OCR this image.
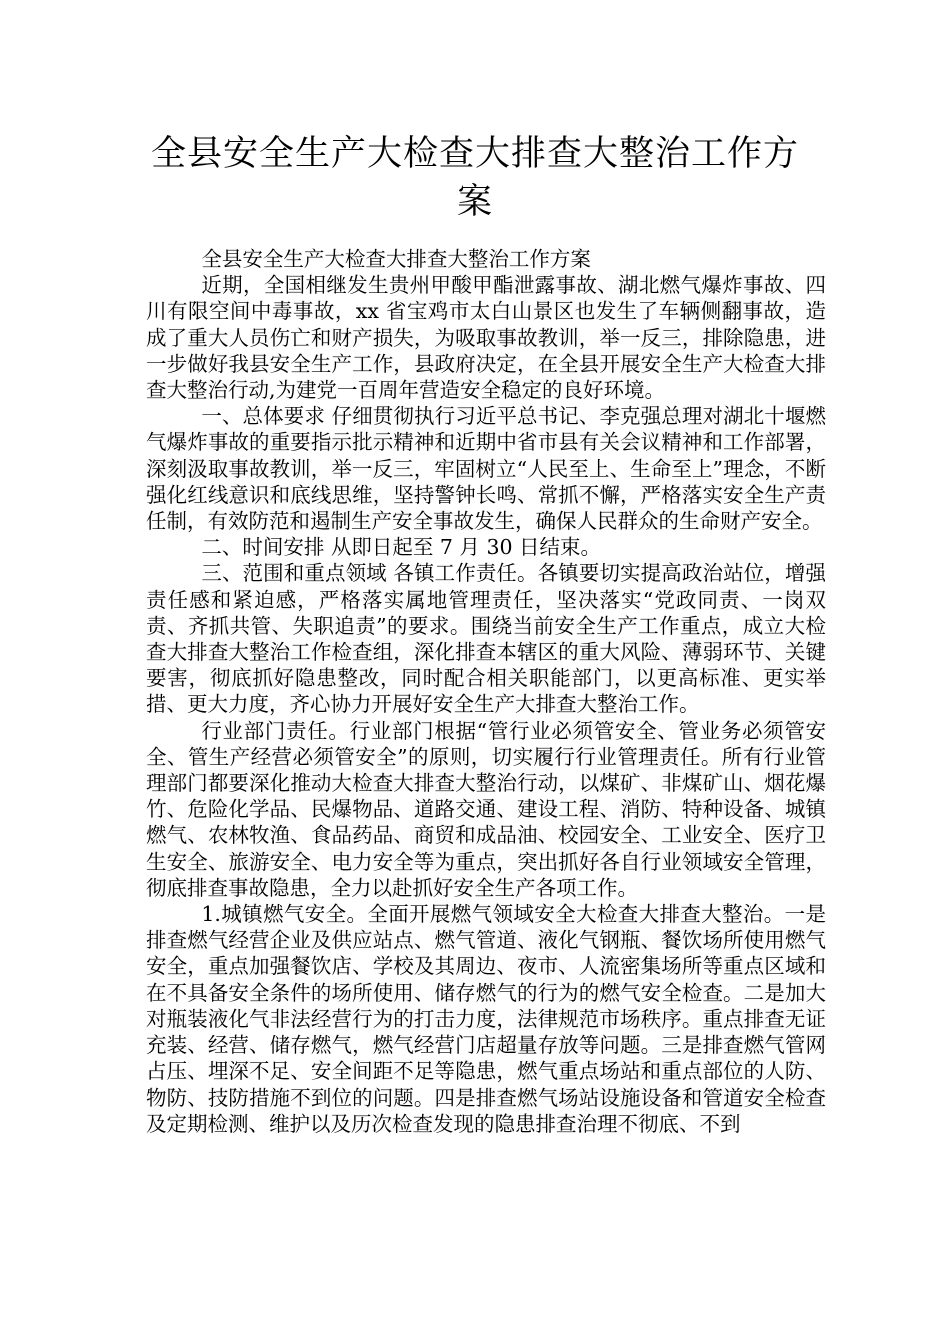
全县安全生产大检查大排查大整治工作方案

全县安全生产大检查大排查大整治工作方案

近期，全国相继发生贵州甲酸甲酯泄露事故、湖北燃气爆炸事故、四川有限空间中毒事故，xx 省宝鸡市太白山景区也发生了车辆侧翻事故，造成了重大人员伤亡和财产损失，为吸取事故教训，举一反三，排除隐患，进一步做好我县安全生产工作，县政府决定，在全县开展安全生产大检查大排查大整治行动,为建党一百周年营造安全稳定的良好环境。

一、总体要求 仔细贯彻执行习近平总书记、李克强总理对湖北十堰燃气爆炸事故的重要指示批示精神和近期中省市县有关会议精神和工作部署，深刻汲取事故教训，举一反三，牢固树立“人民至上、生命至上”理念，不断强化红线意识和底线思维，坚持警钟长鸣、常抓不懈，严格落实安全生产责任制，有效防范和遏制生产安全事故发生，确保人民群众的生命财产安全。

二、时间安排 从即日起至 7 月 30 日结束。

三、范围和重点领域 各镇工作责任。各镇要切实提高政治站位，增强责任感和紧迫感，严格落实属地管理责任，坚决落实“党政同责、一岗双责、齐抓共管、失职追责”的要求。围绕当前安全生产工作重点，成立大检查大排查大整治工作检查组，深化排查本辖区的重大风险、薄弱环节、关键要害，彻底抓好隐患整改，同时配合相关职能部门，以更高标准、更实举措、更大力度，齐心协力开展好安全生产大排查大整治工作。

行业部门责任。行业部门根据“管行业必须管安全、管业务必须管安全、管生产经营必须管安全”的原则，切实履行行业管理责任。所有行业管理部门都要深化推动大检查大排查大整治行动，以煤矿、非煤矿山、烟花爆竹、危险化学品、民爆物品、道路交通、建设工程、消防、特种设备、城镇燃气、农林牧渔、食品药品、商贸和成品油、校园安全、工业安全、医疗卫生安全、旅游安全、电力安全等为重点，突出抓好各自行业领域安全管理，彻底排查事故隐患，全力以赴抓好安全生产各项工作。

1.城镇燃气安全。全面开展燃气领域安全大检查大排查大整治。一是排查燃气经营企业及供应站点、燃气管道、液化气钢瓶、餐饮场所使用燃气安全，重点加强餐饮店、学校及其周边、夜市、人流密集场所等重点区域和在不具备安全条件的场所使用、储存燃气的行为的燃气安全检查。二是加大对瓶装液化气非法经营行为的打击力度，法律规范市场秩序。重点排查无证充装、经营、储存燃气，燃气经营门店超量存放等问题。三是排查燃气管网占压、埋深不足、安全间距不足等隐患，燃气重点场站和重点部位的人防、物防、技防措施不到位的问题。四是排查燃气场站设施设备和管道安全检查及定期检测、维护以及历次检查发现的隐患排查治理不彻底、不到
